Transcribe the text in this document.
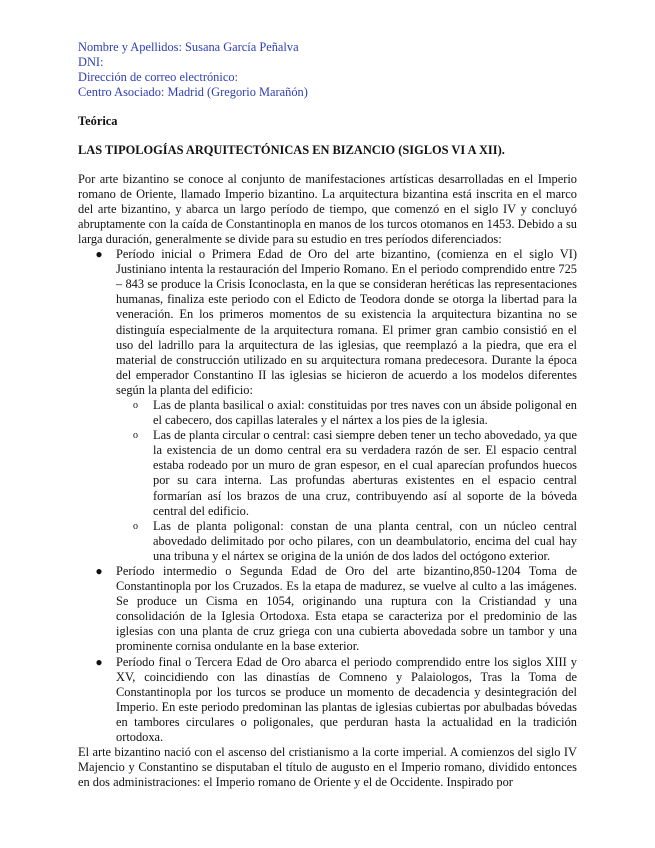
Nombre y Apellidos: Susana García Peñalva

DNI:

Dirección de correo electrónico:

Centro Asociado: Madrid (Gregorio Marañón)

Teórica

LAS TIPOLOGÍAS ARQUITECTÓNICAS EN BIZANCIO (SIGLOS VI A XII).

Por arte bizantino se conoce al conjunto de manifestaciones artísticas desarrolladas en el Imperio romano de Oriente, llamado Imperio bizantino. La arquitectura bizantina está inscrita en el marco del arte bizantino, y abarca un largo período de tiempo, que comenzó en el siglo IV y concluyó abruptamente con la caída de Constantinopla en manos de los turcos otomanos en 1453. Debido a su larga duración, generalmente se divide para su estudio en tres períodos diferenciados:

● Período inicial o Primera Edad de Oro del arte bizantino, (comienza en el siglo VI) Justiniano intenta la restauración del Imperio Romano. En el periodo comprendido entre 725 – 843 se produce la Crisis Iconoclasta, en la que se consideran heréticas las representaciones humanas, finaliza este periodo con el Edicto de Teodora donde se otorga la libertad para la veneración. En los primeros momentos de su existencia la arquitectura bizantina no se distinguía especialmente de la arquitectura romana. El primer gran cambio consistió en el uso del ladrillo para la arquitectura de las iglesias, que reemplazó a la piedra, que era el material de construcción utilizado en su arquitectura romana predecesora. Durante la época del emperador Constantino II las iglesias se hicieron de acuerdo a los modelos diferentes según la planta del edificio:
o Las de planta basilical o axial: constituidas por tres naves con un ábside poligonal en el cabecero, dos capillas laterales y el nártex a los pies de la iglesia.
o Las de planta circular o central: casi siempre deben tener un techo abovedado, ya que la existencia de un domo central era su verdadera razón de ser. El espacio central estaba rodeado por un muro de gran espesor, en el cual aparecían profundos huecos por su cara interna. Las profundas aberturas existentes en el espacio central formarían así los brazos de una cruz, contribuyendo así al soporte de la bóveda central del edificio.
o Las de planta poligonal: constan de una planta central, con un núcleo central abovedado delimitado por ocho pilares, con un deambulatorio, encima del cual hay una tribuna y el nártex se origina de la unión de dos lados del octógono exterior.
● Período intermedio o Segunda Edad de Oro del arte bizantino,850-1204 Toma de Constantinopla por los Cruzados. Es la etapa de madurez, se vuelve al culto a las imágenes. Se produce un Cisma en 1054, originando una ruptura con la Cristiandad y una consolidación de la Iglesia Ortodoxa. Esta etapa se caracteriza por el predominio de las iglesias con una planta de cruz griega con una cubierta abovedada sobre un tambor y una prominente cornisa ondulante en la base exterior.
● Período final o Tercera Edad de Oro abarca el periodo comprendido entre los siglos XIII y XV, coincidiendo con las dinastías de Comneno y Palaiologos, Tras la Toma de Constantinopla por los turcos se produce un momento de decadencia y desintegración del Imperio. En este periodo predominan las plantas de iglesias cubiertas por abulbadas bóvedas en tambores circulares o poligonales, que perduran hasta la actualidad en la tradición ortodoxa.

El arte bizantino nació con el ascenso del cristianismo a la corte imperial. A comienzos del siglo IV Majencio y Constantino se disputaban el título de augusto en el Imperio romano, dividido entonces en dos administraciones: el Imperio romano de Oriente y el de Occidente. Inspirado por
